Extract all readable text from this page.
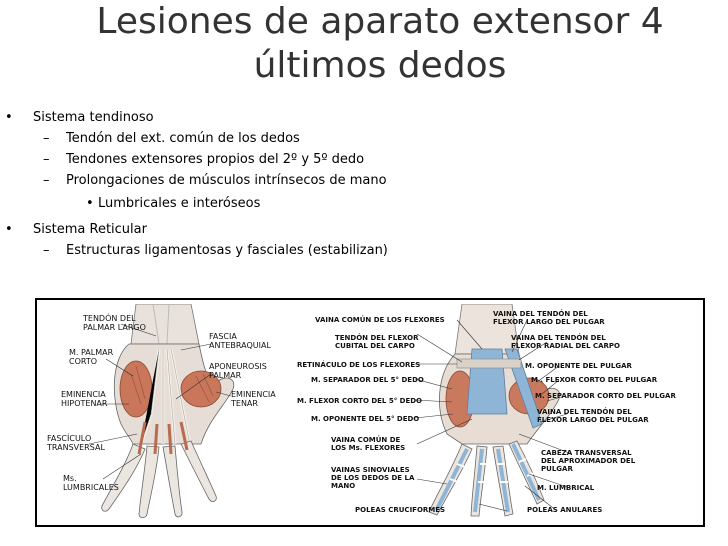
Lesiones de aparato extensor 4
últimos dedos
• Sistema tendinoso
– Tendón del ext. común de los dedos
– Tendones extensores propios del 2º y 5º dedo
– Prolongaciones de músculos intrínsecos de mano
• Lumbricales e interóseos
• Sistema Reticular
– Estructuras ligamentosas y fasciales (estabilizan)
TENDÓN DEL
PALMAR LARGO
M. PALMAR
CORTO
EMINENCIA
HIPOTENAR
FASCÍCULO
TRANSVERSAL
Ms.
LUMBRICALES
FASCIA
ANTEBRAQUIAL
APONEUROSIS
PALMAR
EMINENCIA
TENAR
VAINA COMÚN DE LOS FLEXORES
TENDÓN DEL FLEXOR
CUBITAL DEL CARPO
RETINÁCULO DE LOS FLEXORES
M. SEPARADOR DEL 5° DEDO
M. FLEXOR CORTO DEL 5° DEDO
M. OPONENTE DEL 5° DEDO
VAINA COMÚN DE
LOS Ms. FLEXORES
VAINAS SINOVIALES
DE LOS DEDOS DE LA
MANO
POLEAS CRUCIFORMES
VAINA DEL TENDÓN DEL
FLEXOR LARGO DEL PULGAR
VAINA DEL TENDÓN DEL
FLEXOR RADIAL DEL CARPO
M. OPONENTE DEL PULGAR
M . FLEXOR CORTO DEL PULGAR
M. SEPARADOR CORTO DEL PULGAR
VAINA DEL TENDÓN DEL
FLEXOR LARGO DEL PULGAR
CABEZA TRANSVERSAL
DEL APROXIMADOR DEL
PULGAR
M. LUMBRICAL
POLEAS ANULARES
